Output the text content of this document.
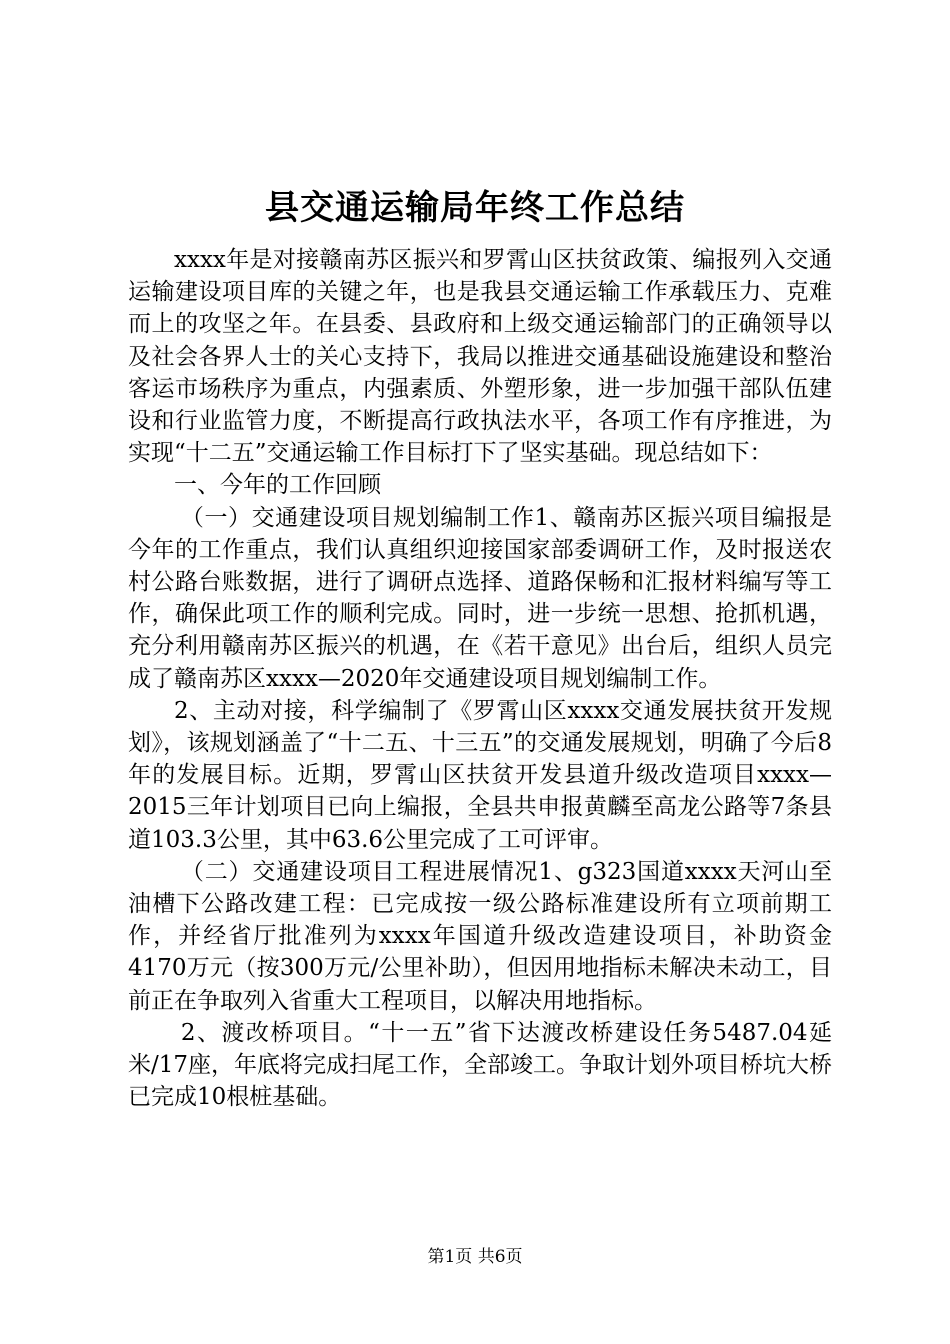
县交通运输局年终工作总结

xxxx年是对接赣南苏区振兴和罗霄山区扶贫政策、编报列入交通运输建设项目库的关键之年，也是我县交通运输工作承载压力、克难而上的攻坚之年。在县委、县政府和上级交通运输部门的正确领导以及社会各界人士的关心支持下，我局以推进交通基础设施建设和整治客运市场秩序为重点，内强素质、外塑形象，进一步加强干部队伍建设和行业监管力度，不断提高行政执法水平，各项工作有序推进，为实现“十二五”交通运输工作目标打下了坚实基础。现总结如下：

一、今年的工作回顾

（一）交通建设项目规划编制工作1、赣南苏区振兴项目编报是今年的工作重点，我们认真组织迎接国家部委调研工作，及时报送农村公路台账数据，进行了调研点选择、道路保畅和汇报材料编写等工作，确保此项工作的顺利完成。同时，进一步统一思想、抢抓机遇，充分利用赣南苏区振兴的机遇，在《若干意见》出台后，组织人员完成了赣南苏区xxxx—2020年交通建设项目规划编制工作。

2、主动对接，科学编制了《罗霄山区xxxx交通发展扶贫开发规划》，该规划涵盖了“十二五、十三五”的交通发展规划，明确了今后8年的发展目标。近期，罗霄山区扶贫开发县道升级改造项目xxxx—2015三年计划项目已向上编报，全县共申报黄麟至高龙公路等7条县道103.3公里，其中63.6公里完成了工可评审。

（二）交通建设项目工程进展情况1、g323国道xxxx天河山至油槽下公路改建工程：已完成按一级公路标准建设所有立项前期工作，并经省厅批准列为xxxx年国道升级改造建设项目，补助资金4170万元（按300万元/公里补助），但因用地指标未解决未动工，目前正在争取列入省重大工程项目，以解决用地指标。

2、渡改桥项目。“十一五”省下达渡改桥建设任务5487.04延米/17座，年底将完成扫尾工作，全部竣工。争取计划外项目桥坑大桥已完成10根桩基础。

第1页 共6页
